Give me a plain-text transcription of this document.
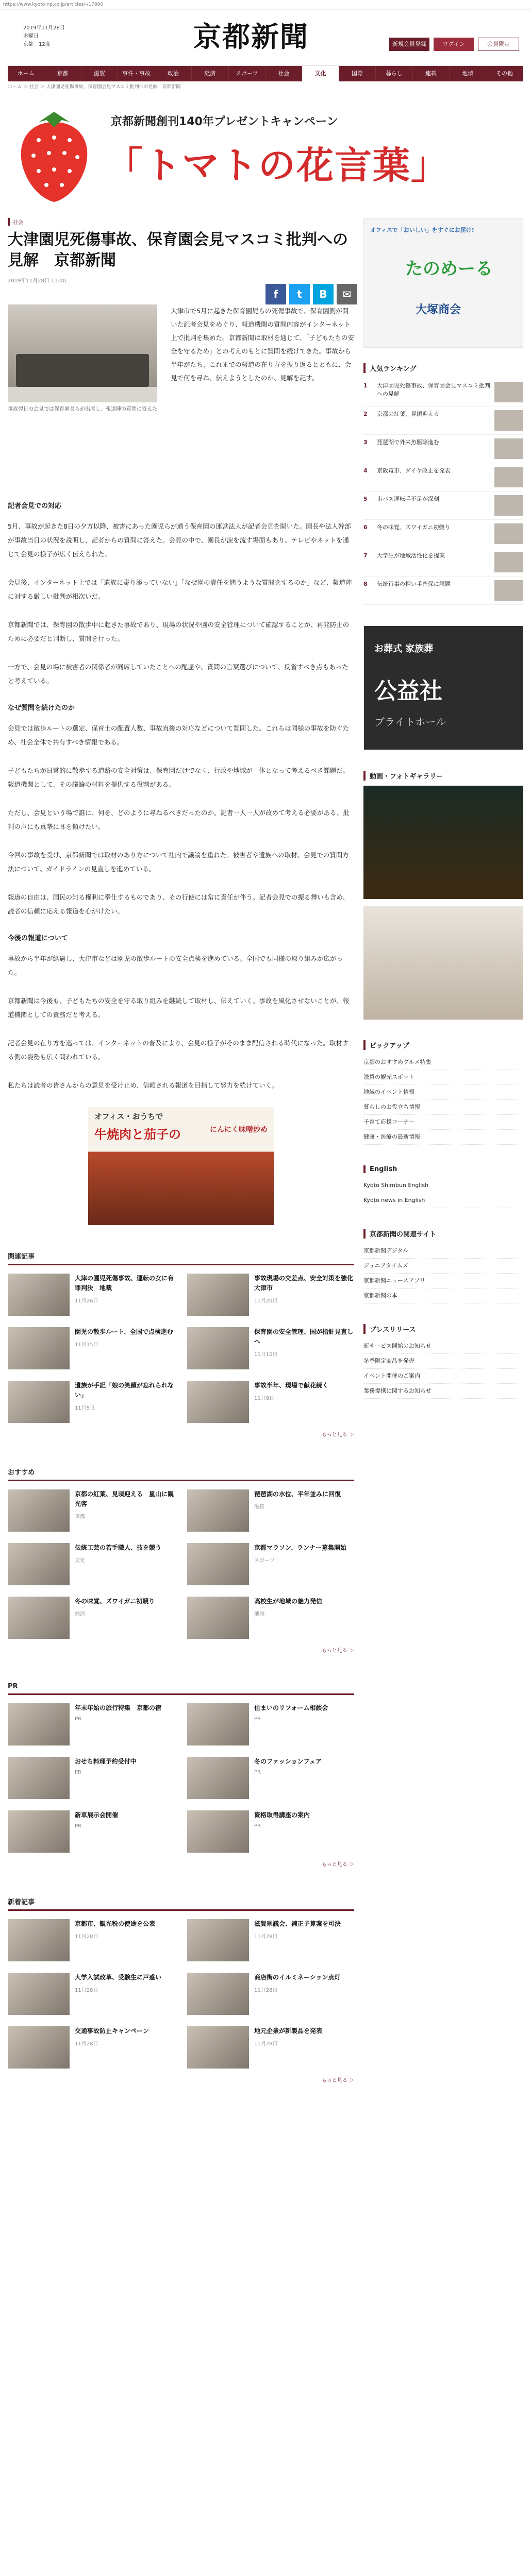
https://www.kyoto-np.co.jp/articles/-/17890
2019年11月28日
木曜日
京都　12度	京都新聞	新規会員登録	ログイン	会員限定
ホーム	京都	滋賀	事件・事故	政治	経済	スポーツ	社会	文化	国際	暮らし	連載	地域	その他
ホーム ＞ 社会 ＞ 大津園児死傷事故、保育園会見マスコミ批判への見解　京都新聞
京都新聞創刊140年プレゼントキャンペーン
「トマトの花言葉」
社会
大津園児死傷事故、保育園会見マスコミ批判への見解　京都新聞
2019年11月28日 11:00
f	t	B	✉
事故翌日の会見では保育園長らが出席し、報道陣の質問に答えた
大津市で5月に起きた保育園児らの死傷事故で、保育園側が開いた記者会見をめぐり、報道機関の質問内容がインターネット上で批判を集めた。京都新聞は取材を通じて、「子どもたちの安全を守るため」との考えのもとに質問を続けてきた。事故から半年がたち、これまでの報道の在り方を振り返るとともに、会見で何を尋ね、伝えようとしたのか、見解を記す。

記者会見での対応

5月、事故が起きた8日の夕方以降、被害にあった園児らが通う保育園の運営法人が記者会見を開いた。園長や法人幹部が事故当日の状況を説明し、記者からの質問に答えた。会見の中で、園長が涙を流す場面もあり、テレビやネットを通じて会見の様子が広く伝えられた。

会見後、インターネット上では「遺族に寄り添っていない」「なぜ園の責任を問うような質問をするのか」など、報道陣に対する厳しい批判が相次いだ。

京都新聞では、保育園の散歩中に起きた事故であり、現場の状況や園の安全管理について確認することが、再発防止のために必要だと判断し、質問を行った。

一方で、会見の場に被害者の関係者が同席していたことへの配慮や、質問の言葉選びについて、反省すべき点もあったと考えている。

なぜ質問を続けたのか

会見では散歩ルートの選定、保育士の配置人数、事故直後の対応などについて質問した。これらは同様の事故を防ぐため、社会全体で共有すべき情報である。

子どもたちが日常的に散歩する道路の安全対策は、保育園だけでなく、行政や地域が一体となって考えるべき課題だ。報道機関として、その議論の材料を提供する役割がある。

ただし、会見という場で誰に、何を、どのように尋ねるべきだったのか。記者一人一人が改めて考える必要がある。批判の声にも真摯に耳を傾けたい。

今回の事故を受け、京都新聞では取材のあり方について社内で議論を重ねた。被害者や遺族への取材、会見での質問方法について、ガイドラインの見直しを進めている。

報道の自由は、国民の知る権利に奉仕するものであり、その行使には常に責任が伴う。記者会見での振る舞いも含め、読者の信頼に応える報道を心がけたい。

今後の報道について

事故から半年が経過し、大津市などは園児の散歩ルートの安全点検を進めている。全国でも同様の取り組みが広がった。

京都新聞は今後も、子どもたちの安全を守る取り組みを継続して取材し、伝えていく。事故を風化させないことが、報道機関としての責務だと考える。

記者会見の在り方を巡っては、インターネットの普及により、会見の様子がそのまま配信される時代になった。取材する側の姿勢も広く問われている。

私たちは読者の皆さんからの意見を受け止め、信頼される報道を目指して努力を続けていく。

オフィス・おうちで
牛焼肉と茄子の	にんにく味噌炒め

関連記事

大津の園児死傷事故、運転の女に有罪判決　地裁
11月26日
事故現場の交差点、安全対策を強化　大津市
11月20日
園児の散歩ルート、全国で点検進む
11月15日
保育園の安全管理、国が指針見直しへ
11月10日
遺族が手記「娘の笑顔が忘れられない」
11月5日
事故半年、現場で献花続く
11月8日
もっと見る ＞

おすすめ

京都の紅葉、見頃迎える　嵐山に観光客
京都
琵琶湖の水位、平年並みに回復
滋賀
伝統工芸の若手職人、技を競う
文化
京都マラソン、ランナー募集開始
スポーツ
冬の味覚、ズワイガニ初競り
経済
高校生が地域の魅力発信
地域
もっと見る ＞

PR

年末年始の旅行特集　京都の宿
PR
住まいのリフォーム相談会
PR
おせち料理予約受付中
PR
冬のファッションフェア
PR
新車展示会開催
PR
資格取得講座の案内
PR
もっと見る ＞

新着記事

京都市、観光税の使途を公表
11月28日
滋賀県議会、補正予算案を可決
11月28日
大学入試改革、受験生に戸惑い
11月28日
商店街のイルミネーション点灯
11月28日
交通事故防止キャンペーン
11月28日
地元企業が新製品を発表
11月28日
もっと見る ＞
オフィスで「おいしい」をすぐにお届け!
たのめーる
大塚商会

人気ランキング

1	大津園児死傷事故、保育園会見マスコミ批判への見解
2	京都の紅葉、見頃迎える
3	琵琶湖で外来魚駆除進む
4	京阪電車、ダイヤ改正を発表
5	市バス運転手不足が深刻
6	冬の味覚、ズワイガニ初競り
7	大学生が地域活性化を提案
8	伝統行事の担い手確保に課題
お葬式 家族葬
公益社
ブライトホール

動画・フォトギャラリー

ピックアップ

京都のおすすめグルメ特集
滋賀の観光スポット
地域のイベント情報
暮らしのお役立ち情報
子育て応援コーナー
健康・医療の最新情報

English

Kyoto Shimbun English
Kyoto news in English

京都新聞の関連サイト

京都新聞デジタル
ジュニアタイムズ
京都新聞ニュースアプリ
京都新聞の本

プレスリリース

新サービス開始のお知らせ
冬季限定商品を発売
イベント開催のご案内
業務提携に関するお知らせ
